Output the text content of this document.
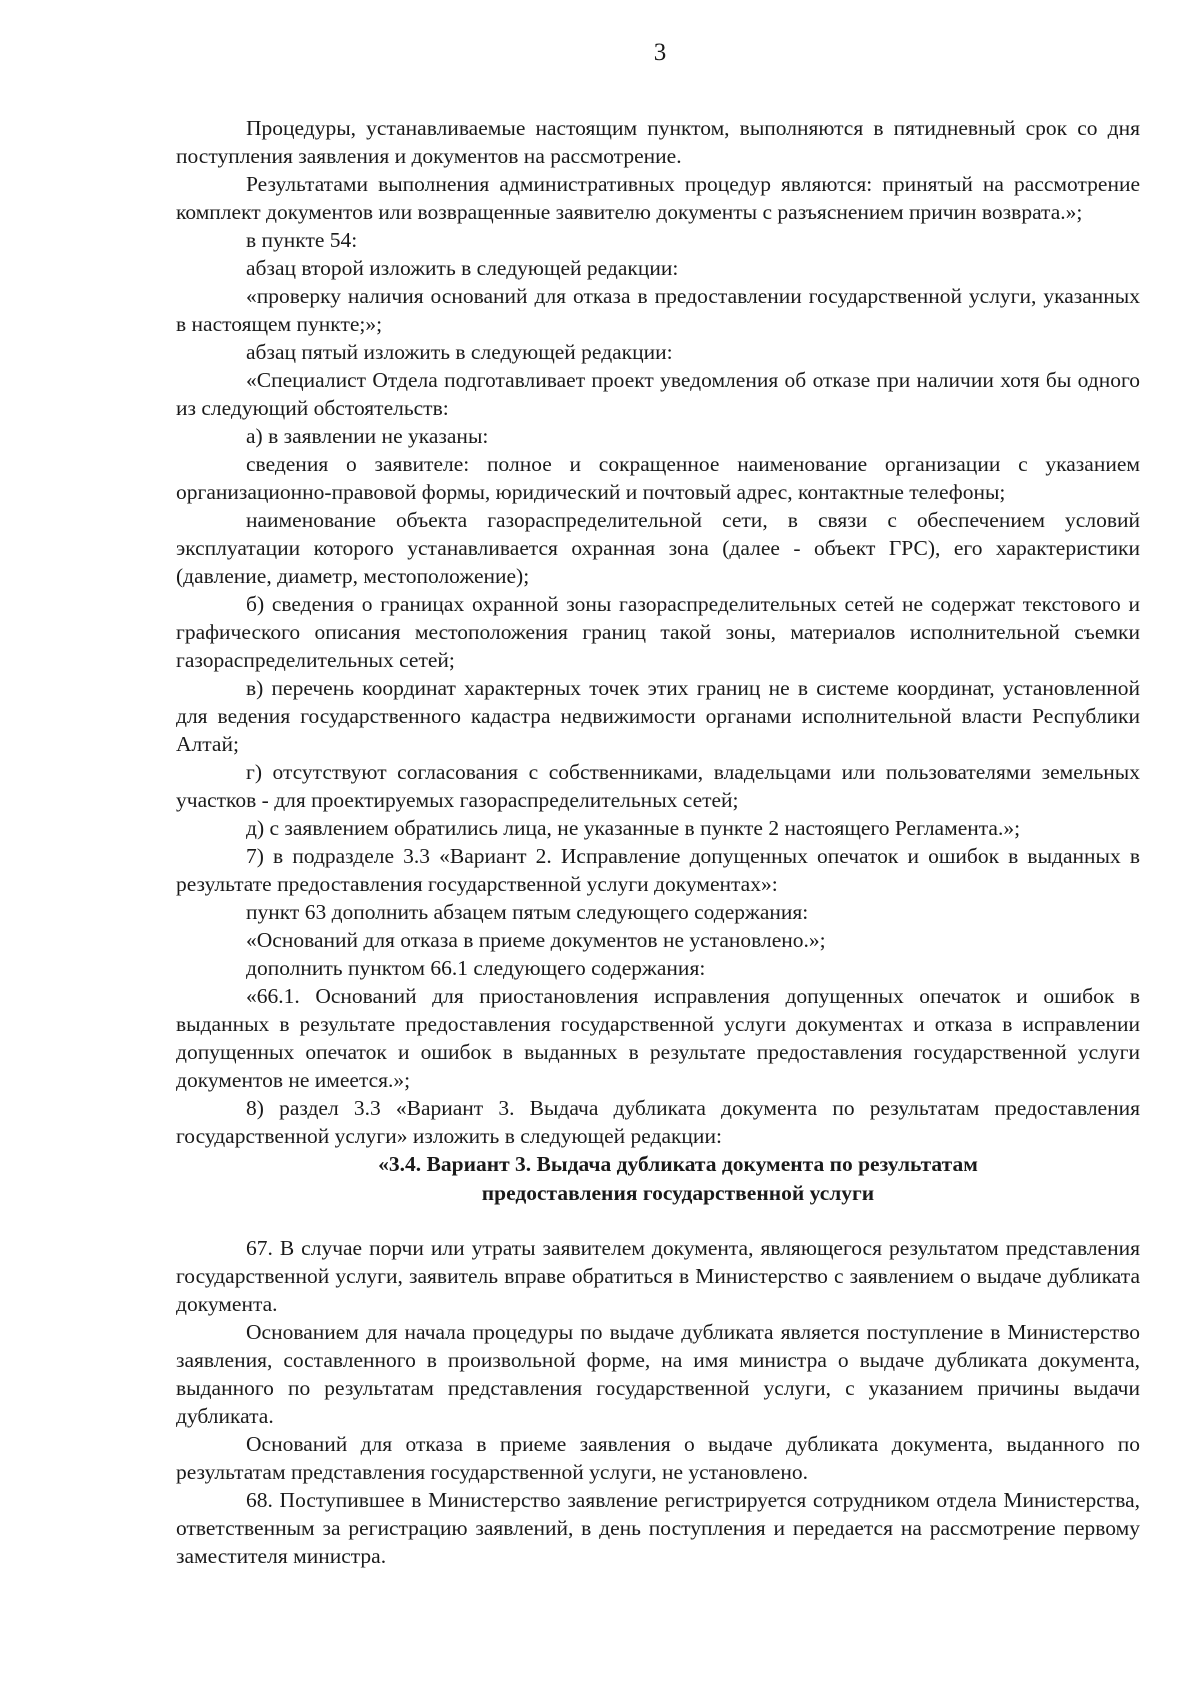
3

Процедуры, устанавливаемые настоящим пунктом, выполняются в пятидневный срок со дня поступления заявления и документов на рассмотрение.

Результатами выполнения административных процедур являются: принятый на рассмотрение комплект документов или возвращенные заявителю документы с разъяснением причин возврата.»;

в пункте 54:

абзац второй изложить в следующей редакции:

«проверку наличия оснований для отказа в предоставлении государственной услуги, указанных в настоящем пункте;»;

абзац пятый изложить в следующей редакции:

«Специалист Отдела подготавливает проект уведомления об отказе при наличии хотя бы одного из следующий обстоятельств:

а) в заявлении не указаны:

сведения о заявителе: полное и сокращенное наименование организации с указанием организационно-правовой формы, юридический и почтовый адрес, контактные телефоны;

наименование объекта газораспределительной сети, в связи с обеспечением условий эксплуатации которого устанавливается охранная зона (далее - объект ГРС), его характеристики (давление, диаметр, местоположение);

б) сведения о границах охранной зоны газораспределительных сетей не содержат текстового и графического описания местоположения границ такой зоны, материалов исполнительной съемки газораспределительных сетей;

в) перечень координат характерных точек этих границ не в системе координат, установленной для ведения государственного кадастра недвижимости органами исполнительной власти Республики Алтай;

г) отсутствуют согласования с собственниками, владельцами или пользователями земельных участков - для проектируемых газораспределительных сетей;

д) с заявлением обратились лица, не указанные в пункте 2 настоящего Регламента.»;

7) в подразделе 3.3 «Вариант 2. Исправление допущенных опечаток и ошибок в выданных в результате предоставления государственной услуги документах»:

пункт 63 дополнить абзацем пятым следующего содержания:

«Оснований для отказа в приеме документов не установлено.»;

дополнить пунктом 66.1 следующего содержания:

«66.1. Оснований для приостановления исправления допущенных опечаток и ошибок в выданных в результате предоставления государственной услуги документах и отказа в исправлении допущенных опечаток и ошибок в выданных в результате предоставления государственной услуги документов не имеется.»;

8) раздел 3.3 «Вариант 3. Выдача дубликата документа по результатам предоставления государственной услуги» изложить в следующей редакции:

«3.4. Вариант 3. Выдача дубликата документа по результатам
предоставления государственной услуги

67. В случае порчи или утраты заявителем документа, являющегося результатом представления государственной услуги, заявитель вправе обратиться в Министерство с заявлением о выдаче дубликата документа.

Основанием для начала процедуры по выдаче дубликата является поступление в Министерство заявления, составленного в произвольной форме, на имя министра о выдаче дубликата документа, выданного по результатам представления государственной услуги, с указанием причины выдачи дубликата.

Оснований для отказа в приеме заявления о выдаче дубликата документа, выданного по результатам представления государственной услуги, не установлено.

68. Поступившее в Министерство заявление регистрируется сотрудником отдела Министерства, ответственным за регистрацию заявлений, в день поступления и передается на рассмотрение первому заместителя министра.
